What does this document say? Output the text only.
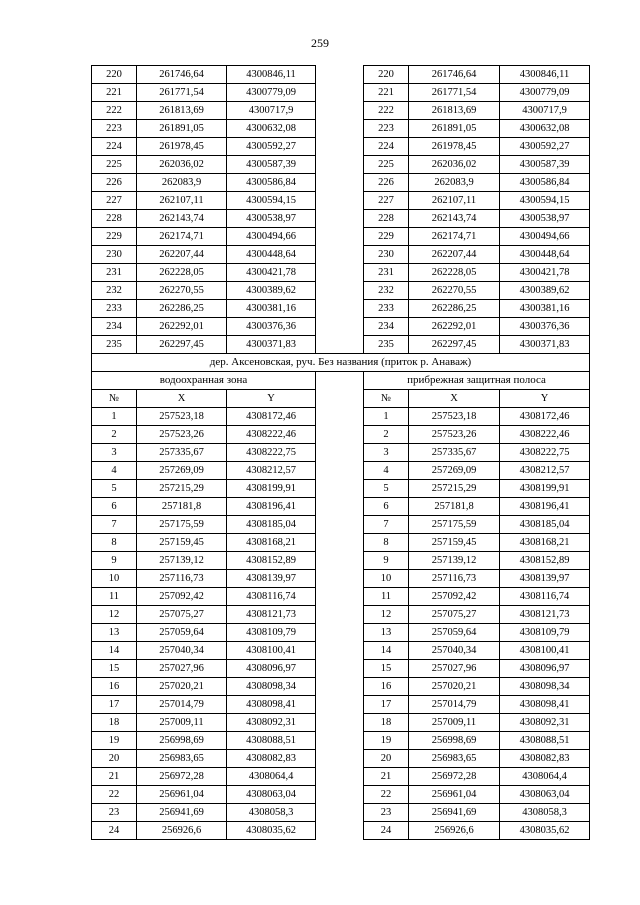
259
220	261746,64	4300846,11		220	261746,64	4300846,11
221	261771,54	4300779,09		221	261771,54	4300779,09
222	261813,69	4300717,9		222	261813,69	4300717,9
223	261891,05	4300632,08		223	261891,05	4300632,08
224	261978,45	4300592,27		224	261978,45	4300592,27
225	262036,02	4300587,39		225	262036,02	4300587,39
226	262083,9	4300586,84		226	262083,9	4300586,84
227	262107,11	4300594,15		227	262107,11	4300594,15
228	262143,74	4300538,97		228	262143,74	4300538,97
229	262174,71	4300494,66		229	262174,71	4300494,66
230	262207,44	4300448,64		230	262207,44	4300448,64
231	262228,05	4300421,78		231	262228,05	4300421,78
232	262270,55	4300389,62		232	262270,55	4300389,62
233	262286,25	4300381,16		233	262286,25	4300381,16
234	262292,01	4300376,36		234	262292,01	4300376,36
235	262297,45	4300371,83		235	262297,45	4300371,83
дер. Аксеновская, руч. Без названия (приток р. Анаваж)						
водоохранная зона				прибрежная защитная полоса		
№	X	Y		№	X	Y
1	257523,18	4308172,46		1	257523,18	4308172,46
2	257523,26	4308222,46		2	257523,26	4308222,46
3	257335,67	4308222,75		3	257335,67	4308222,75
4	257269,09	4308212,57		4	257269,09	4308212,57
5	257215,29	4308199,91		5	257215,29	4308199,91
6	257181,8	4308196,41		6	257181,8	4308196,41
7	257175,59	4308185,04		7	257175,59	4308185,04
8	257159,45	4308168,21		8	257159,45	4308168,21
9	257139,12	4308152,89		9	257139,12	4308152,89
10	257116,73	4308139,97		10	257116,73	4308139,97
11	257092,42	4308116,74		11	257092,42	4308116,74
12	257075,27	4308121,73		12	257075,27	4308121,73
13	257059,64	4308109,79		13	257059,64	4308109,79
14	257040,34	4308100,41		14	257040,34	4308100,41
15	257027,96	4308096,97		15	257027,96	4308096,97
16	257020,21	4308098,34		16	257020,21	4308098,34
17	257014,79	4308098,41		17	257014,79	4308098,41
18	257009,11	4308092,31		18	257009,11	4308092,31
19	256998,69	4308088,51		19	256998,69	4308088,51
20	256983,65	4308082,83		20	256983,65	4308082,83
21	256972,28	4308064,4		21	256972,28	4308064,4
22	256961,04	4308063,04		22	256961,04	4308063,04
23	256941,69	4308058,3		23	256941,69	4308058,3
24	256926,6	4308035,62		24	256926,6	4308035,62
